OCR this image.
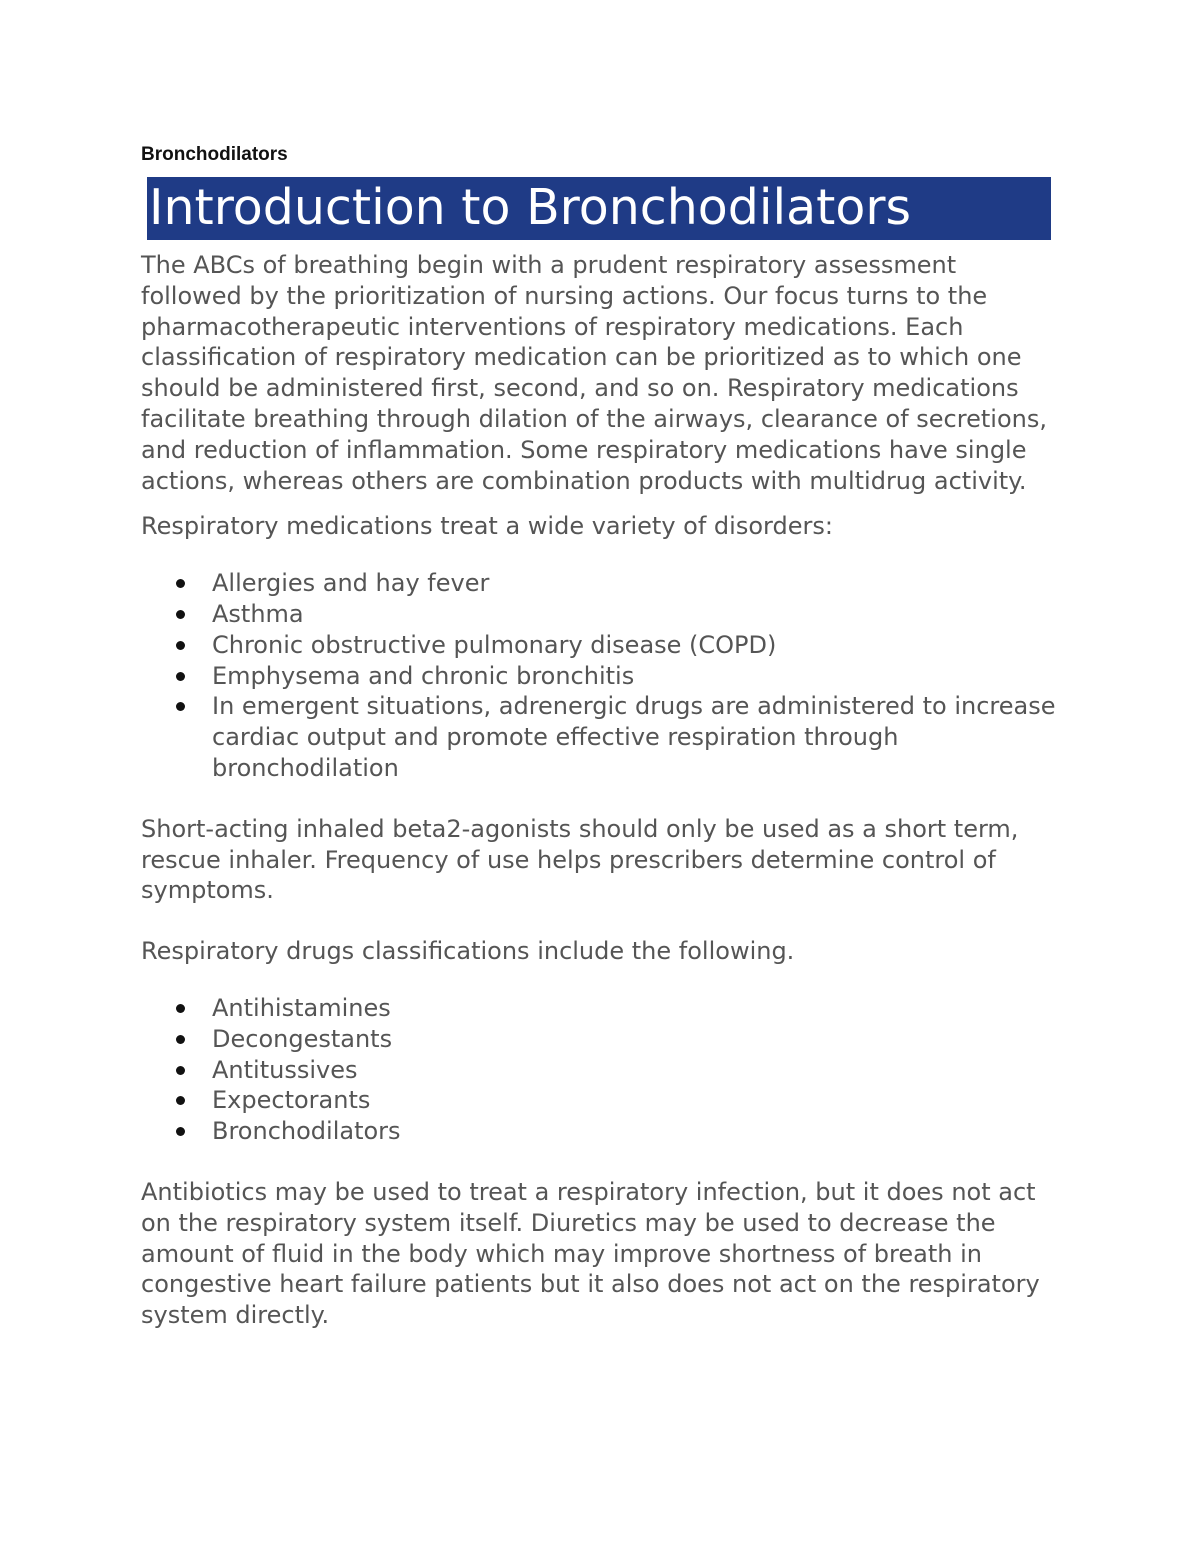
Bronchodilators
Introduction to Bronchodilators

The ABCs of breathing begin with a prudent respiratory assessment followed by the prioritization of nursing actions. Our focus turns to the pharmacotherapeutic interventions of respiratory medications. Each classification of respiratory medication can be prioritized as to which one should be administered first, second, and so on. Respiratory medications facilitate breathing through dilation of the airways, clearance of secretions, and reduction of inflammation. Some respiratory medications have single actions, whereas others are combination products with multidrug activity.

Respiratory medications treat a wide variety of disorders:

Allergies and hay fever
Asthma
Chronic obstructive pulmonary disease (COPD)
Emphysema and chronic bronchitis
In emergent situations, adrenergic drugs are administered to increase cardiac output and promote effective respiration through bronchodilation

Short-acting inhaled beta2-agonists should only be used as a short term, rescue inhaler. Frequency of use helps prescribers determine control of symptoms.

Respiratory drugs classifications include the following.

Antihistamines
Decongestants
Antitussives
Expectorants
Bronchodilators

Antibiotics may be used to treat a respiratory infection, but it does not act on the respiratory system itself. Diuretics may be used to decrease the amount of fluid in the body which may improve shortness of breath in congestive heart failure patients but it also does not act on the respiratory system directly.
